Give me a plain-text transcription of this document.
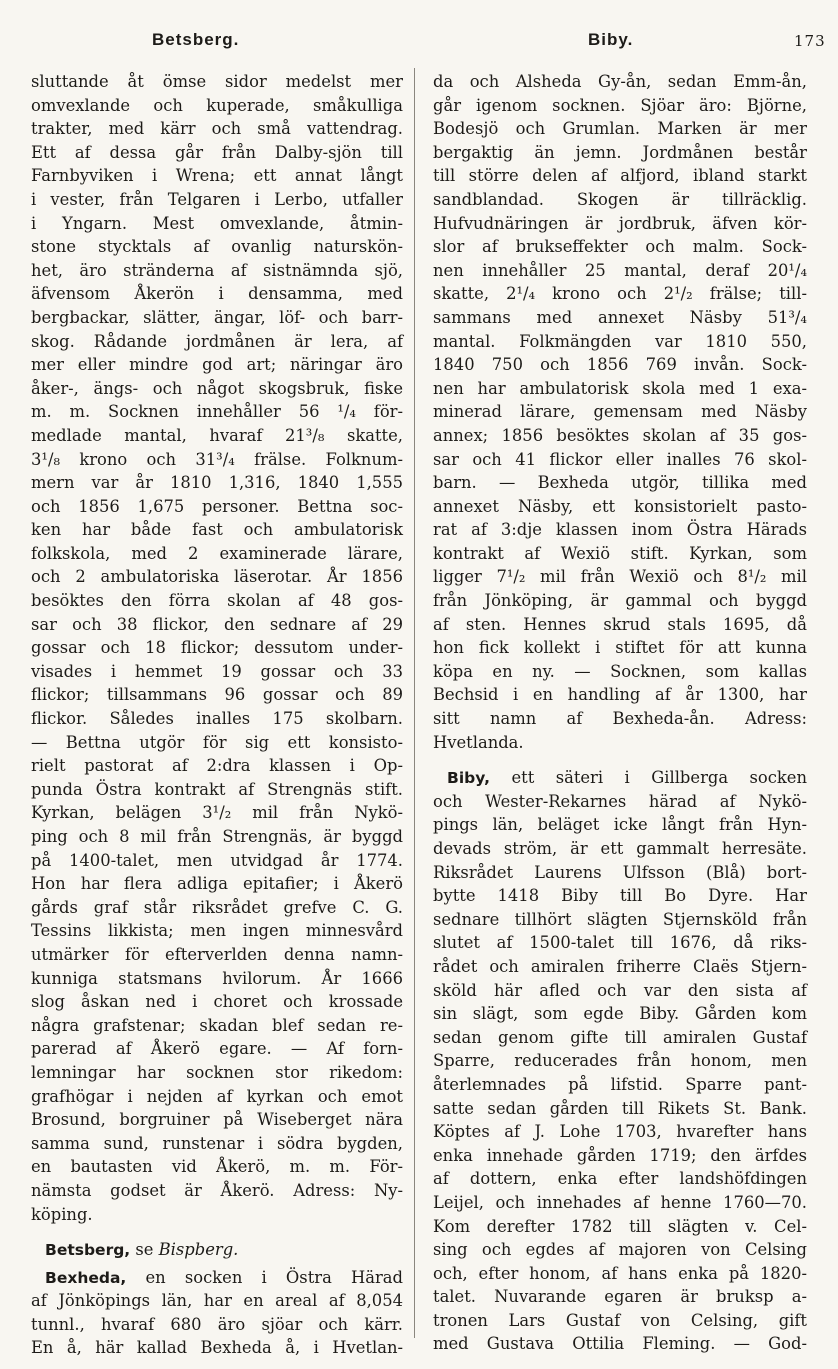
Betsberg.	Biby.	173
sluttande åt ömse sidor medelst mer
omvexlande och kuperade, småkulliga
trakter, med kärr och små vattendrag.
Ett af dessa går från Dalby-sjön till
Farnbyviken i Wrena; ett annat långt
i vester, från Telgaren i Lerbo, utfaller
i Yngarn. Mest omvexlande, åtmin-
stone stycktals af ovanlig naturskön-
het, äro stränderna af sistnämnda sjö,
äfvensom Åkerön i densamma, med
bergbackar, slätter, ängar, löf- och barr-
skog. Rådande jordmånen är lera, af
mer eller mindre god art; näringar äro
åker-, ängs- och något skogsbruk, fiske
m. m. Socknen innehåller 56 ¹/₄ för-
medlade mantal, hvaraf 21³/₈ skatte,
3¹/₈ krono och 31³/₄ frälse. Folknum-
mern var år 1810 1,316, 1840 1,555
och 1856 1,675 personer. Bettna soc-
ken har både fast och ambulatorisk
folkskola, med 2 examinerade lärare,
och 2 ambulatoriska läserotar. År 1856
besöktes den förra skolan af 48 gos-
sar och 38 flickor, den sednare af 29
gossar och 18 flickor; dessutom under-
visades i hemmet 19 gossar och 33
flickor; tillsammans 96 gossar och 89
flickor. Således inalles 175 skolbarn.
— Bettna utgör för sig ett konsisto-
rielt pastorat af 2:dra klassen i Op-
punda Östra kontrakt af Strengnäs stift.
Kyrkan, belägen 3¹/₂ mil från Nykö-
ping och 8 mil från Strengnäs, är byggd
på 1400-talet, men utvidgad år 1774.
Hon har flera adliga epitafier; i Åkerö
gårds graf står riksrådet grefve C. G.
Tessins likkista; men ingen minnesvård
utmärker för efterverlden denna namn-
kunniga statsmans hvilorum. År 1666
slog åskan ned i choret och krossade
några grafstenar; skadan blef sedan re-
parerad af Åkerö egare. — Af forn-
lemningar har socknen stor rikedom:
grafhögar i nejden af kyrkan och emot
Brosund, borgruiner på Wiseberget nära
samma sund, runstenar i södra bygden,
en bautasten vid Åkerö, m. m. För-
nämsta godset är Åkerö. Adress: Ny-
köping.
Betsberg, se Bispberg.
Bexheda, en socken i Östra Härad
af Jönköpings län, har en areal af 8,054
tunnl., hvaraf 680 äro sjöar och kärr.
En å, här kallad Bexheda å, i Hvetlan-
da och Alsheda Gy-ån, sedan Emm-ån,
går igenom socknen. Sjöar äro: Björne,
Bodesjö och Grumlan. Marken är mer
bergaktig än jemn. Jordmånen består
till större delen af alfjord, ibland starkt
sandblandad. Skogen är tillräcklig.
Hufvudnäringen är jordbruk, äfven kör-
slor af brukseffekter och malm. Sock-
nen innehåller 25 mantal, deraf 20¹/₄
skatte, 2¹/₄ krono och 2¹/₂ frälse; till-
sammans med annexet Näsby 51³/₄
mantal. Folkmängden var 1810 550,
1840 750 och 1856 769 invån. Sock-
nen har ambulatorisk skola med 1 exa-
minerad lärare, gemensam med Näsby
annex; 1856 besöktes skolan af 35 gos-
sar och 41 flickor eller inalles 76 skol-
barn. — Bexheda utgör, tillika med
annexet Näsby, ett konsistorielt pasto-
rat af 3:dje klassen inom Östra Härads
kontrakt af Wexiö stift. Kyrkan, som
ligger 7¹/₂ mil från Wexiö och 8¹/₂ mil
från Jönköping, är gammal och byggd
af sten. Hennes skrud stals 1695, då
hon fick kollekt i stiftet för att kunna
köpa en ny. — Socknen, som kallas
Bechsid i en handling af år 1300, har
sitt namn af Bexheda-ån. Adress:
Hvetlanda.
Biby, ett säteri i Gillberga socken
och Wester-Rekarnes härad af Nykö-
pings län, beläget icke långt från Hyn-
devads ström, är ett gammalt herresäte.
Riksrådet Laurens Ulfsson (Blå) bort-
bytte 1418 Biby till Bo Dyre. Har
sednare tillhört slägten Stjernsköld från
slutet af 1500-talet till 1676, då riks-
rådet och amiralen friherre Claës Stjern-
sköld här afled och var den sista af
sin slägt, som egde Biby. Gården kom
sedan genom gifte till amiralen Gustaf
Sparre, reducerades från honom, men
återlemnades på lifstid. Sparre pant-
satte sedan gården till Rikets St. Bank.
Köptes af J. Lohe 1703, hvarefter hans
enka innehade gården 1719; den ärfdes
af dottern, enka efter landshöfdingen
Leijel, och innehades af henne 1760—70.
Kom derefter 1782 till slägten v. Cel-
sing och egdes af majoren von Celsing
och, efter honom, af hans enka på 1820-
talet. Nuvarande egaren är bruksp a-
tronen Lars Gustaf von Celsing, gift
med Gustava Ottilia Fleming. — God-
